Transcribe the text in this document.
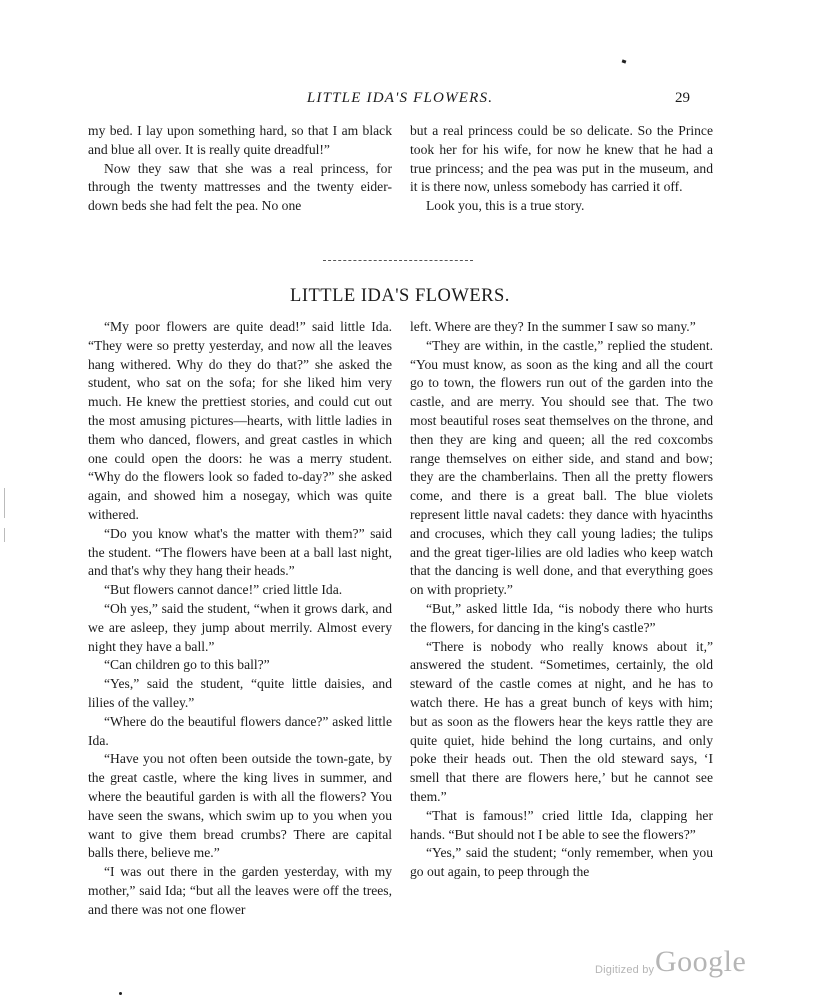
LITTLE IDA'S FLOWERS.	29

my bed. I lay upon something hard, so that I am black and blue all over. It is really quite dreadful!”

Now they saw that she was a real princess, for through the twenty mattresses and the twenty eider-down beds she had felt the pea. No one

but a real princess could be so delicate. So the Prince took her for his wife, for now he knew that he had a true princess; and the pea was put in the museum, and it is there now, unless somebody has carried it off.

Look you, this is a true story.

LITTLE IDA'S FLOWERS.

“My poor flowers are quite dead!” said little Ida. “They were so pretty yesterday, and now all the leaves hang withered. Why do they do that?” she asked the student, who sat on the sofa; for she liked him very much. He knew the prettiest stories, and could cut out the most amusing pictures—hearts, with little ladies in them who danced, flowers, and great castles in which one could open the doors: he was a merry student. “Why do the flowers look so faded to-day?” she asked again, and showed him a nosegay, which was quite withered.

“Do you know what's the matter with them?” said the student. “The flowers have been at a ball last night, and that's why they hang their heads.”

“But flowers cannot dance!” cried little Ida.

“Oh yes,” said the student, “when it grows dark, and we are asleep, they jump about merrily. Almost every night they have a ball.”

“Can children go to this ball?”

“Yes,” said the student, “quite little daisies, and lilies of the valley.”

“Where do the beautiful flowers dance?” asked little Ida.

“Have you not often been outside the town-gate, by the great castle, where the king lives in summer, and where the beautiful garden is with all the flowers? You have seen the swans, which swim up to you when you want to give them bread crumbs? There are capital balls there, believe me.”

“I was out there in the garden yesterday, with my mother,” said Ida; “but all the leaves were off the trees, and there was not one flower

left. Where are they? In the summer I saw so many.”

“They are within, in the castle,” replied the student. “You must know, as soon as the king and all the court go to town, the flowers run out of the garden into the castle, and are merry. You should see that. The two most beautiful roses seat themselves on the throne, and then they are king and queen; all the red coxcombs range themselves on either side, and stand and bow; they are the chamberlains. Then all the pretty flowers come, and there is a great ball. The blue violets represent little naval cadets: they dance with hyacinths and crocuses, which they call young ladies; the tulips and the great tiger-lilies are old ladies who keep watch that the dancing is well done, and that everything goes on with propriety.”

“But,” asked little Ida, “is nobody there who hurts the flowers, for dancing in the king's castle?”

“There is nobody who really knows about it,” answered the student. “Sometimes, certainly, the old steward of the castle comes at night, and he has to watch there. He has a great bunch of keys with him; but as soon as the flowers hear the keys rattle they are quite quiet, hide behind the long curtains, and only poke their heads out. Then the old steward says, ‘I smell that there are flowers here,’ but he cannot see them.”

“That is famous!” cried little Ida, clapping her hands. “But should not I be able to see the flowers?”

“Yes,” said the student; “only remember, when you go out again, to peep through the

Digitized by Google
